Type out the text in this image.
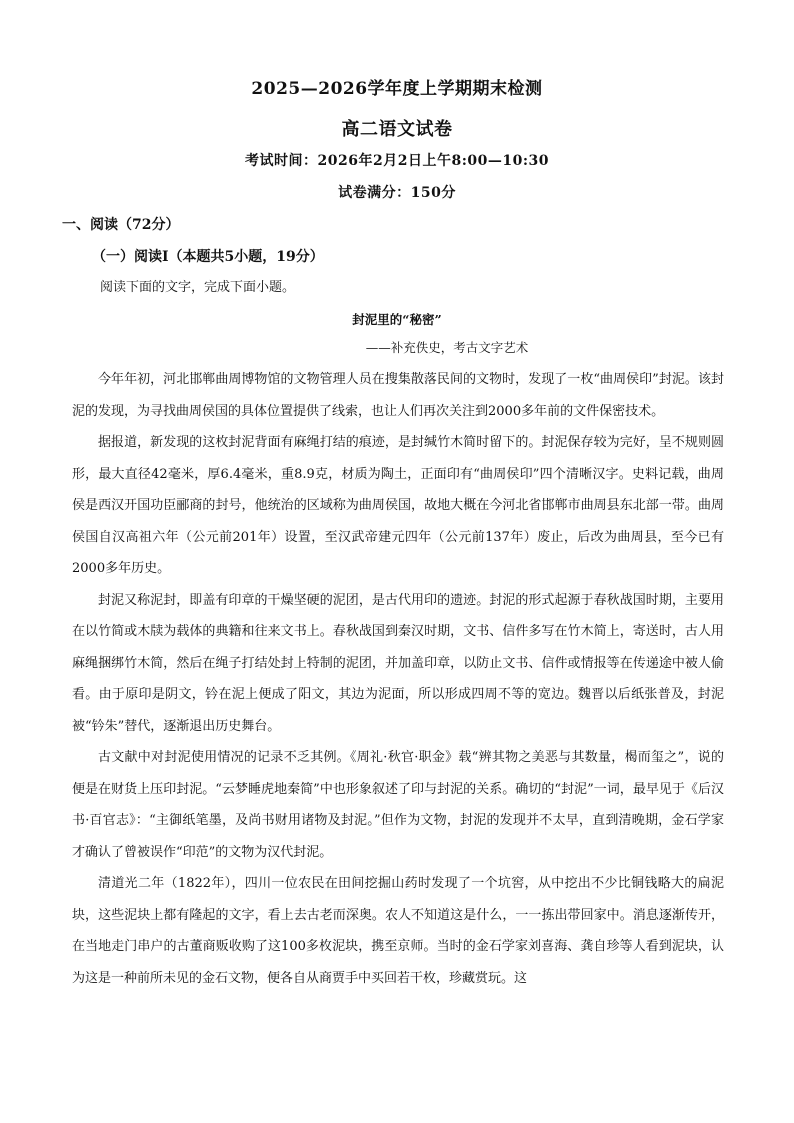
2025—2026学年度上学期期末检测
高二语文试卷
考试时间：2026年2月2日上午8:00—10:30
试卷满分：150分
一、阅读（72分）
（一）阅读Ⅰ（本题共5小题，19分）
阅读下面的文字，完成下面小题。
封泥里的“秘密”
——补充佚史，考古文字艺术

今年年初，河北邯郸曲周博物馆的文物管理人员在搜集散落民间的文物时，发现了一枚“曲周侯印”封泥。该封泥的发现，为寻找曲周侯国的具体位置提供了线索，也让人们再次关注到2000多年前的文件保密技术。

据报道，新发现的这枚封泥背面有麻绳打结的痕迹，是封缄竹木简时留下的。封泥保存较为完好，呈不规则圆形，最大直径42毫米，厚6.4毫米，重8.9克，材质为陶土，正面印有“曲周侯印”四个清晰汉字。史料记载，曲周侯是西汉开国功臣郦商的封号，他统治的区域称为曲周侯国，故地大概在今河北省邯郸市曲周县东北部一带。曲周侯国自汉高祖六年（公元前201年）设置，至汉武帝建元四年（公元前137年）废止，后改为曲周县，至今已有2000多年历史。

封泥又称泥封，即盖有印章的干燥坚硬的泥团，是古代用印的遗迹。封泥的形式起源于春秋战国时期，主要用在以竹简或木牍为载体的典籍和往来文书上。春秋战国到秦汉时期，文书、信件多写在竹木简上，寄送时，古人用麻绳捆绑竹木简，然后在绳子打结处封上特制的泥团，并加盖印章，以防止文书、信件或情报等在传递途中被人偷看。由于原印是阴文，钤在泥上便成了阳文，其边为泥面，所以形成四周不等的宽边。魏晋以后纸张普及，封泥被“钤朱”替代，逐渐退出历史舞台。

古文献中对封泥使用情况的记录不乏其例。《周礼·秋官·职金》载“辨其物之美恶与其数量，楬而玺之”，说的便是在财货上压印封泥。“云梦睡虎地秦简”中也形象叙述了印与封泥的关系。确切的“封泥”一词，最早见于《后汉书·百官志》：“主御纸笔墨，及尚书财用诸物及封泥。”但作为文物，封泥的发现并不太早，直到清晚期，金石学家才确认了曾被误作“印范”的文物为汉代封泥。

清道光二年（1822年），四川一位农民在田间挖掘山药时发现了一个坑窖，从中挖出不少比铜钱略大的扁泥块，这些泥块上都有隆起的文字，看上去古老而深奥。农人不知道这是什么，一一拣出带回家中。消息逐渐传开，在当地走门串户的古董商贩收购了这100多枚泥块，携至京师。当时的金石学家刘喜海、龚自珍等人看到泥块，认为这是一种前所未见的金石文物，便各自从商贾手中买回若干枚，珍藏赏玩。这
